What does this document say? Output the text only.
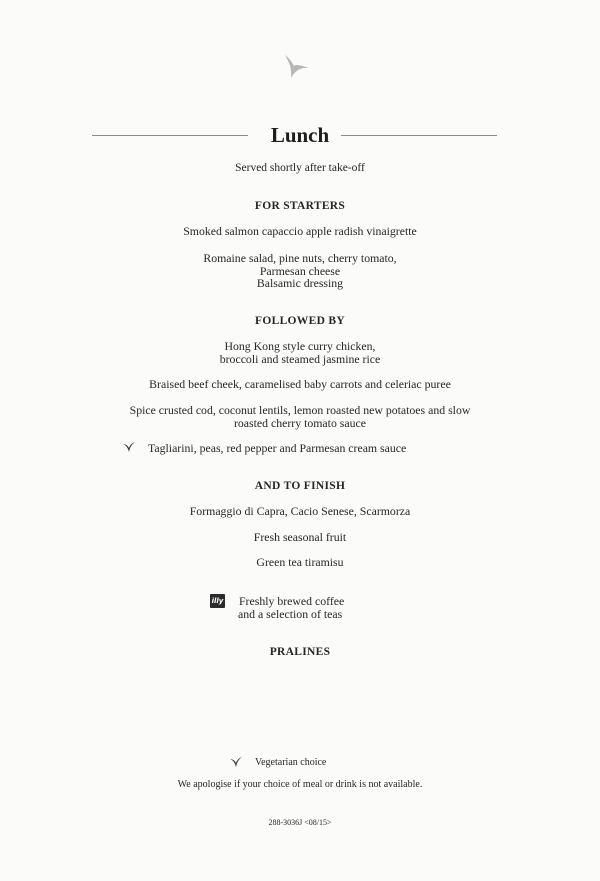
Lunch
Served shortly after take-off
FOR STARTERS
Smoked salmon capaccio apple radish vinaigrette
Romaine salad, pine nuts, cherry tomato,
Parmesan cheese
Balsamic dressing
FOLLOWED BY
Hong Kong style curry chicken,
broccoli and steamed jasmine rice
Braised beef cheek, caramelised baby carrots and celeriac puree
Spice crusted cod, coconut lentils, lemon roasted new potatoes and slow
roasted cherry tomato sauce
Tagliarini, peas, red pepper and Parmesan cream sauce
AND TO FINISH
Formaggio di Capra, Cacio Senese, Scarmorza
Fresh seasonal fruit
Green tea tiramisu
illy Freshly brewed coffee
and a selection of teas
PRALINES
Vegetarian choice
We apologise if your choice of meal or drink is not available.
288-3036J <08/15>
